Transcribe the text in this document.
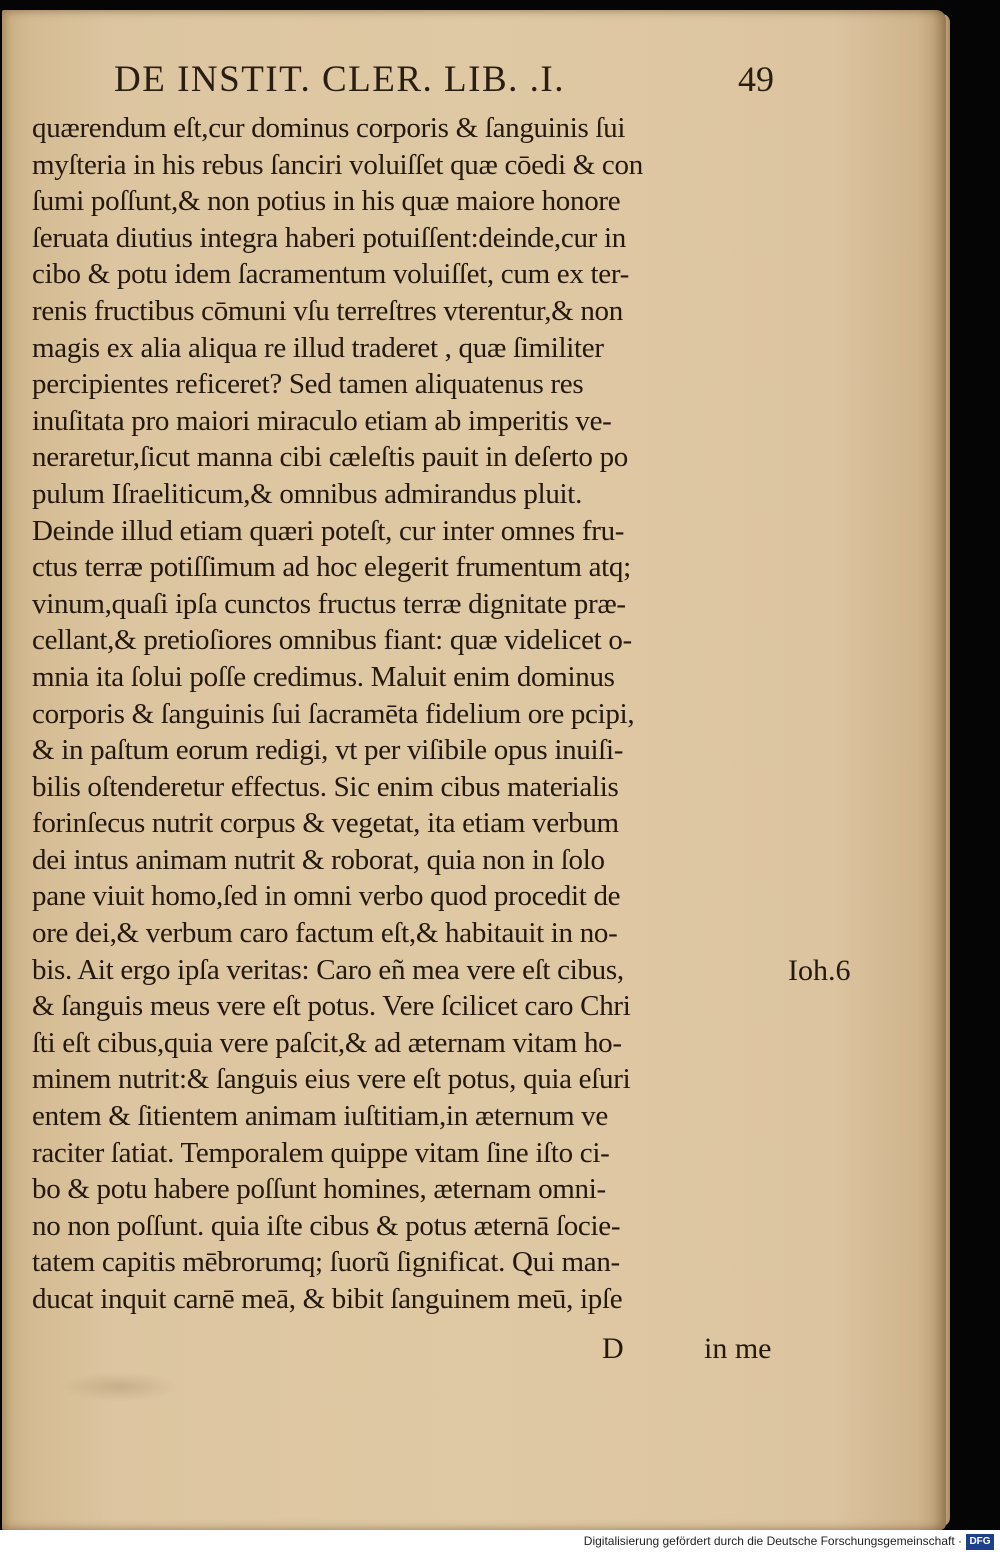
DE INSTIT. CLER. LIB. .I.	49
quærendum eſt,cur dominus corporis & ſanguinis ſui
myſteria in his rebus ſanciri voluiſſet quæ cōedi & con
ſumi poſſunt,& non potius in his quæ maiore honore
ſeruata diutius integra haberi potuiſſent:deinde,cur in
cibo & potu idem ſacramentum voluiſſet, cum ex ter-
renis fructibus cōmuni vſu terreſtres vterentur,& non
magis ex alia aliqua re illud traderet , quæ ſimiliter
percipientes reficeret? Sed tamen aliquatenus res
inuſitata pro maiori miraculo etiam ab imperitis ve-
neraretur,ſicut manna cibi cæleſtis pauit in deſerto po
pulum Iſraeliticum,& omnibus admirandus pluit.
Deinde illud etiam quæri poteſt, cur inter omnes fru-
ctus terræ potiſſimum ad hoc elegerit frumentum atq;
vinum,quaſi ipſa cunctos fructus terræ dignitate præ-
cellant,& pretioſiores omnibus fiant: quæ videlicet o-
mnia ita ſolui poſſe credimus. Maluit enim dominus
corporis & ſanguinis ſui ſacramēta fidelium ore pcipi,
& in paſtum eorum redigi, vt per viſibile opus inuiſi-
bilis oſtenderetur effectus. Sic enim cibus materialis
forinſecus nutrit corpus & vegetat, ita etiam verbum
dei intus animam nutrit & roborat, quia non in ſolo
pane viuit homo,ſed in omni verbo quod procedit de
ore dei,& verbum caro factum eſt,& habitauit in no-
bis. Ait ergo ipſa veritas: Caro eñ mea vere eſt cibus,
& ſanguis meus vere eſt potus. Vere ſcilicet caro Chri
ſti eſt cibus,quia vere paſcit,& ad æternam vitam ho-
minem nutrit:& ſanguis eius vere eſt potus, quia eſuri
entem & ſitientem animam iuſtitiam,in æternum ve
raciter ſatiat. Temporalem quippe vitam ſine iſto ci-
bo & potu habere poſſunt homines, æternam omni-
no non poſſunt. quia iſte cibus & potus æternā ſocie-
tatem capitis mēbrorumq; ſuorũ ſignificat. Qui man-
ducat inquit carnē meā, & bibit ſanguinem meū, ipſe
Ioh.6
D	in me
Digitalisierung gefördert durch die Deutsche Forschungsgemeinschaft · DFG
